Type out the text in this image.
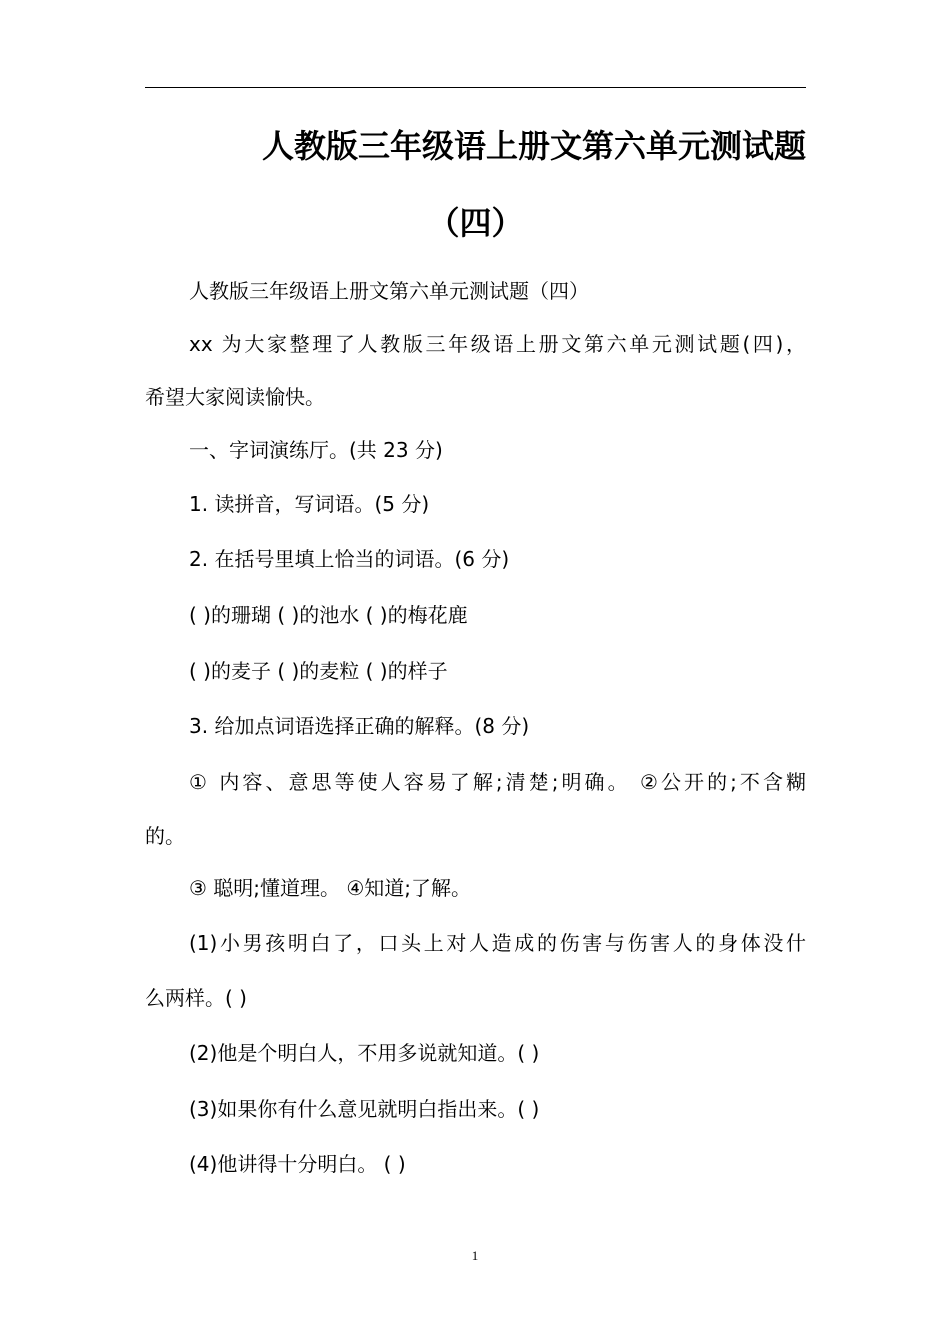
人教版三年级语上册文第六单元测试题
（四）
人教版三年级语上册文第六单元测试题（四）
xx 为大家整理了人教版三年级语上册文第六单元测试题(四)，
希望大家阅读愉快。
一、字词演练厅。(共 23 分)
1. 读拼音，写词语。(5 分)
2. 在括号里填上恰当的词语。(6 分)
( )的珊瑚 ( )的池水 ( )的梅花鹿
( )的麦子 ( )的麦粒 ( )的样子
3. 给加点词语选择正确的解释。(8 分)
① 内容、意思等使人容易了解;清楚;明确。 ②公开的;不含糊
的。
③ 聪明;懂道理。 ④知道;了解。
(1)小男孩明白了，口头上对人造成的伤害与伤害人的身体没什
么两样。( )
(2)他是个明白人，不用多说就知道。( )
(3)如果你有什么意见就明白指出来。( )
(4)他讲得十分明白。 ( )
1
